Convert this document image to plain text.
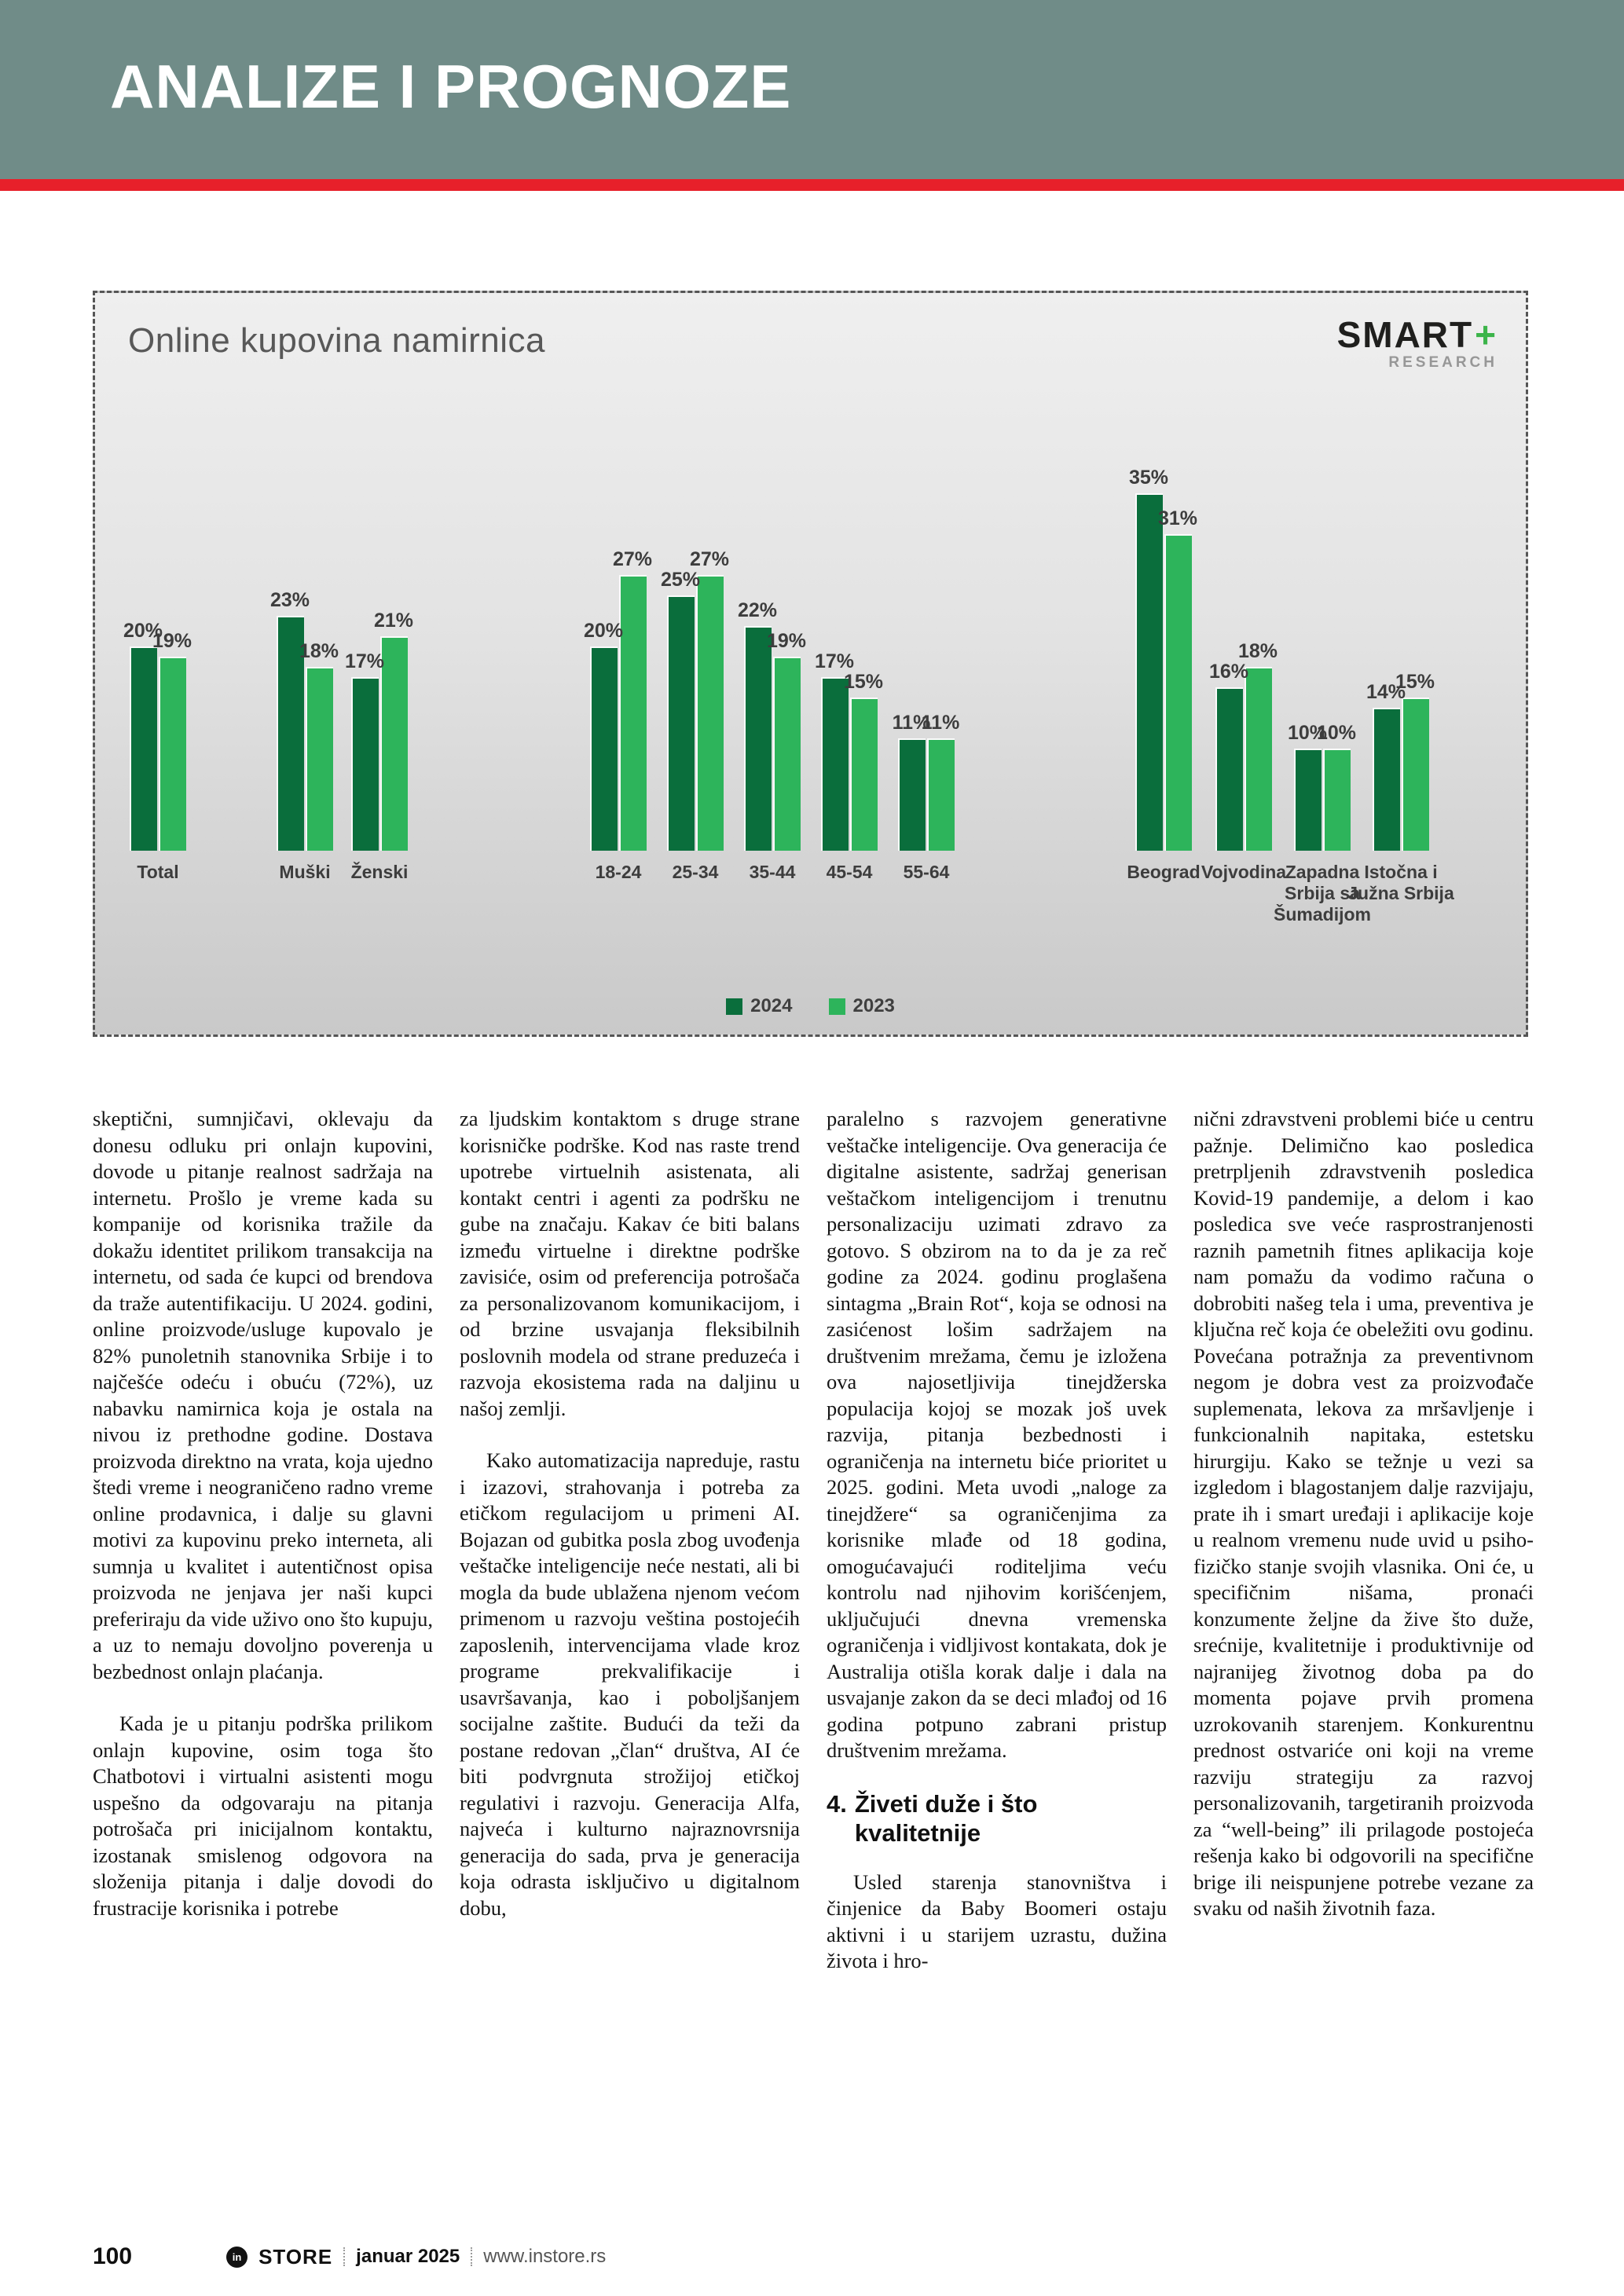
ANALIZE I PROGNOZE
Online kupovina namirnica	SMART+
RESEARCH
20%
19%
Total
23%
18%
Muški
17%
21%
Ženski
20%
27%
18-24
25%
27%
25-34
22%
19%
35-44
17%
15%
45-54
11%
11%
55-64
35%
31%
Beograd
16%
18%
Vojvodina
10%
10%
Zapadna Srbija sa Šumadijom
14%
15%
Istočna i Južna Srbija
2024	2023

skeptični, sumnjičavi, oklevaju da donesu odluku pri onlajn kupovini, dovode u pitanje realnost sadržaja na internetu. Prošlo je vreme kada su kompanije od korisnika tražile da dokažu identitet prilikom transakcija na internetu, od sada će kupci od brendova da traže autentifikaciju. U 2024. godini, online proizvode/usluge kupovalo je 82% punoletnih stanovnika Srbije i to najčešće odeću i obuću (72%), uz nabavku namirnica koja je ostala na nivou iz prethodne godine. Dostava proizvoda direktno na vrata, koja ujedno štedi vreme i neograničeno radno vreme online prodavnica, i dalje su glavni motivi za kupovinu preko interneta, ali sumnja u kvalitet i autentičnost opisa proizvoda ne jenjava jer naši kupci preferiraju da vide uživo ono što kupuju, a uz to nemaju dovoljno poverenja u bezbednost onlajn plaćanja.

Kada je u pitanju podrška prilikom onlajn kupovine, osim toga što Chatbotovi i virtualni asistenti mogu uspešno da odgovaraju na pitanja potrošača pri inicijalnom kontaktu, izostanak smislenog odgovora na složenija pitanja i dalje dovodi do frustracije korisnika i potrebe

za ljudskim kontaktom s druge strane korisničke podrške. Kod nas raste trend upotrebe virtuelnih asistenata, ali kontakt centri i agenti za podršku ne gube na značaju. Kakav će biti balans između virtuelne i direktne podrške zavisiće, osim od preferencija potrošača za personalizovanom komunikacijom, i od brzine usvajanja fleksibilnih poslovnih modela od strane preduzeća i razvoja ekosistema rada na daljinu u našoj zemlji.

Kako automatizacija napreduje, rastu i izazovi, strahovanja i potreba za etičkom regulacijom u primeni AI. Bojazan od gubitka posla zbog uvođenja veštačke inteligencije neće nestati, ali bi mogla da bude ublažena njenom većom primenom u razvoju veština postojećih zaposlenih, intervencijama vlade kroz programe prekvalifikacije i usavršavanja, kao i poboljšanjem socijalne zaštite. Budući da teži da postane redovan „član“ društva, AI će biti podvrgnuta strožijoj etičkoj regulativi i razvoju. Generacija Alfa, najveća i kulturno najraznovrsnija generacija do sada, prva je generacija koja odrasta isključivo u digitalnom dobu,

paralelno s razvojem generativne veštačke inteligencije. Ova generacija će digitalne asistente, sadržaj generisan veštačkom inteligencijom i trenutnu personalizaciju uzimati zdravo za gotovo. S obzirom na to da je za reč godine za 2024. godinu proglašena sintagma „Brain Rot“, koja se odnosi na zasićenost lošim sadržajem na društvenim mrežama, čemu je izložena ova najosetljivija tinejdžerska populacija kojoj se mozak još uvek razvija, pitanja bezbednosti i ograničenja na internetu biće prioritet u 2025. godini. Meta uvodi „naloge za tinejdžere“ sa ograničenjima za korisnike mlađe od 18 godina, omogućavajući roditeljima veću kontrolu nad njihovim korišćenjem, uključujući dnevna vremenska ograničenja i vidljivost kontakata, dok je Australija otišla korak dalje i dala na usvajanje zakon da se deci mlađoj od 16 godina potpuno zabrani pristup društvenim mrežama.

4. Živeti duže i što kvalitetnije

Usled starenja stanovništva i činjenice da Baby Boomeri ostaju aktivni i u starijem uzrastu, dužina života i hro-

nični zdravstveni problemi biće u centru pažnje. Delimično kao posledica pretrpljenih zdravstvenih posledica Kovid-19 pandemije, a delom i kao posledica sve veće rasprostranjenosti raznih pametnih fitnes aplikacija koje nam pomažu da vodimo računa o dobrobiti našeg tela i uma, preventiva je ključna reč koja će obeležiti ovu godinu. Povećana potražnja za preventivnom negom je dobra vest za proizvođače suplemenata, lekova za mršavljenje i funkcionalnih napitaka, estetsku hirurgiju. Kako se težnje u vezi sa izgledom i blagostanjem dalje razvijaju, prate ih i smart uređaji i aplikacije koje u realnom vremenu nude uvid u psiho-fizičko stanje svojih vlasnika. Oni će, u specifičnim nišama, pronaći konzumente željne da žive što duže, srećnije, kvalitetnije i produktivnije od najranijeg životnog doba pa do momenta pojave prvih promena uzrokovanih starenjem. Konkurentnu prednost ostvariće oni koji na vreme razviju strategiju za razvoj personalizovanih, targetiranih proizvoda za “well-being” ili prilagode postojeća rešenja kako bi odgovorili na specifične brige ili neispunjene potrebe vezane za svaku od naših životnih faza.

100	in STORE januar 2025 www.instore.rs
